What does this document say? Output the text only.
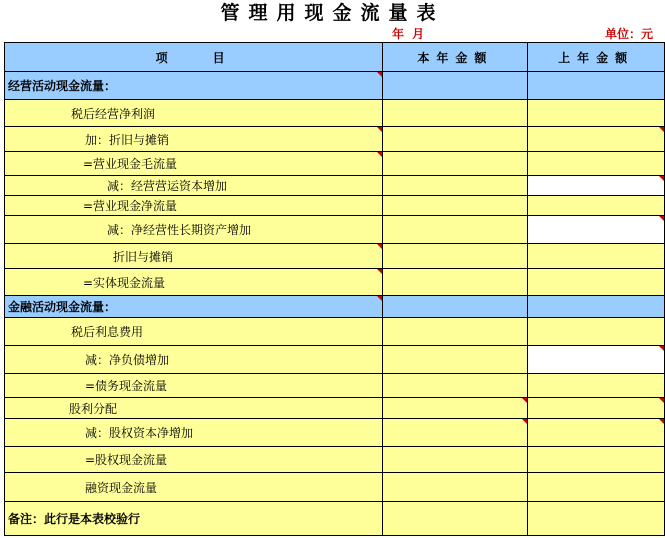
管理用现金流量表
年 月	单位：元
项　　目	本年金额	上年金额
经营活动现金流量：

税后经营净利润		
加：折旧与摊销

=营业现金毛流量

减：经营营运资本增加		

=营业现金净流量		
减：净经营性长期资产增加		

折旧与摊销

=实体现金流量

金融活动现金流量：

税后利息费用		
减：净负债增加		

=债务现金流量		
股利分配	

减：股权资本净增加	

=股权现金流量		
融资现金流量		
备注：此行是本表校验行		
